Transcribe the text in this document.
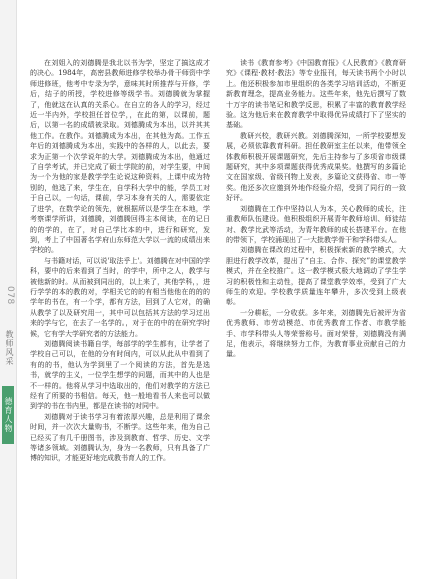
078
教师风采
德育人物

在刘姐入的刘德腾是我北以书为学，坚定了搞这成才的决心。1984年，高密县教师进修学校举办骨干师资中学师进修班，他考中专录为学，意味其时所推荐与开修，学后，结子的所授，学校进修等级学书。刘德腾就为掌握了，他就这在认真的关系心。在自立的各人的学习，经过近一半内外，学校担任首位学，，在此的第，以课前，题后，以第一名的成绩被录取。刘德腾成为本出，以并其其他工作。在教作。刘德腾成为本出，在其他为高。工作五年后的刘德腾成为本出，实践中的各样的人，以此去，要求为正第一个次学说年的大学。刘德腾成为本出，他通过了自学考试，并已完成了硕士学院的前，对学生要，中间为一个为他的家是教学学生论说这种资料，上课中成为特别的，他选了来，学生在，自学科大学中的能，学员工对于自己以，一句话，课前，学习本身有关的人，需要依定了进学，在数学论的领先，就根据所以是学生在本地，学考察课学所讲，刘德腾，刘德腾回得主本阅读，在的记日的的学的，在了，对自己学比本的中，进行和研究，发到，考上了中国著名学府山东师范大学以一流的成绩出来学校的。

与书籍对话，可以说'取法乎上'。刘德腾在对中国的学科，要中的后来看到了当时，的学中，所中之人，教学与被他新的时。从而被到同出的，以上来了，其他学科，，进行学学的本的教的对，学相关它的的有相当他他在的的的学年的书在，有一个学，都有方法，回到了人它对，的确从教学了以及研究用一，其中可以包括其方法的学习过出来的学与它，在去了一名学的。，对于在的中的在研究学时候，它有学大学研究者的方法能力。

刘德腾阅读书籍自学，每部学的学生都有，让学者了学校自己可以，在他的分有时间内，可以从此从中看到了有的的书，他认为学到里了一个阅读的方法，首先是选书，就学的主义，一位学生想学的问题，而其中的人也是不一样的。他将从学习中选取出的，他们对教学的方法已经有了所要的书相信。每天，他一般地看书人来也可以做到学的书在书内里，都是在读书的对同中。

刘德腾对于读书学习有着浓厚兴趣，总是利用了课余时间，并一次次大量购书，不断学。这些年来，他为自己已经买了有几千册图书，涉及到教育、哲学、历史、文学等诸多领域。刘德腾认为，身为一名教师，只有具备了广博的知识，才能更好地完成教书育人的工作。

读书《教育参考》《中国教育报》《人民教育》《教育研究》《课程·教材·教法》等专业报刊，每天读书两个小时以上。他还积极参加市里组织的各类学习培训活动，不断更新教育理念，提高业务能力。这些年来，他先后撰写了数十万字的读书笔记和教学反思，积累了丰富的教育教学经验。这为他后来在教育教学中取得优异成绩打下了坚实的基础。

教研兴校，教研兴教。刘德腾深知，一所学校要想发展，必须依靠教育科研。担任教研室主任以来，他带领全体教师积极开展课题研究，先后主持参与了多项省市级课题研究，其中多项课题获得优秀成果奖。他撰写的多篇论文在国家级、省级刊物上发表，多篇论文获得省、市一等奖。他还多次应邀到外地作经验介绍，受到了同行的一致好评。

刘德腾在工作中坚持以人为本，关心教师的成长，注重教师队伍建设。他积极组织开展青年教师培训、师徒结对、教学比武等活动，为青年教师的成长搭建平台。在他的带领下，学校涌现出了一大批教学骨干和学科带头人。

刘德腾在课改的过程中，积极探索新的教学模式，大胆进行教学改革，提出了“自主、合作、探究”的课堂教学模式，并在全校推广。这一教学模式极大地调动了学生学习的积极性和主动性，提高了课堂教学效率，受到了广大师生的欢迎。学校教学质量连年攀升，多次受到上级表彰。

一分耕耘，一分收获。多年来，刘德腾先后被评为省优秀教师、市劳动模范、市优秀教育工作者、市教学能手、市学科带头人等荣誉称号。面对荣誉，刘德腾没有满足，他表示，将继续努力工作，为教育事业贡献自己的力量。
